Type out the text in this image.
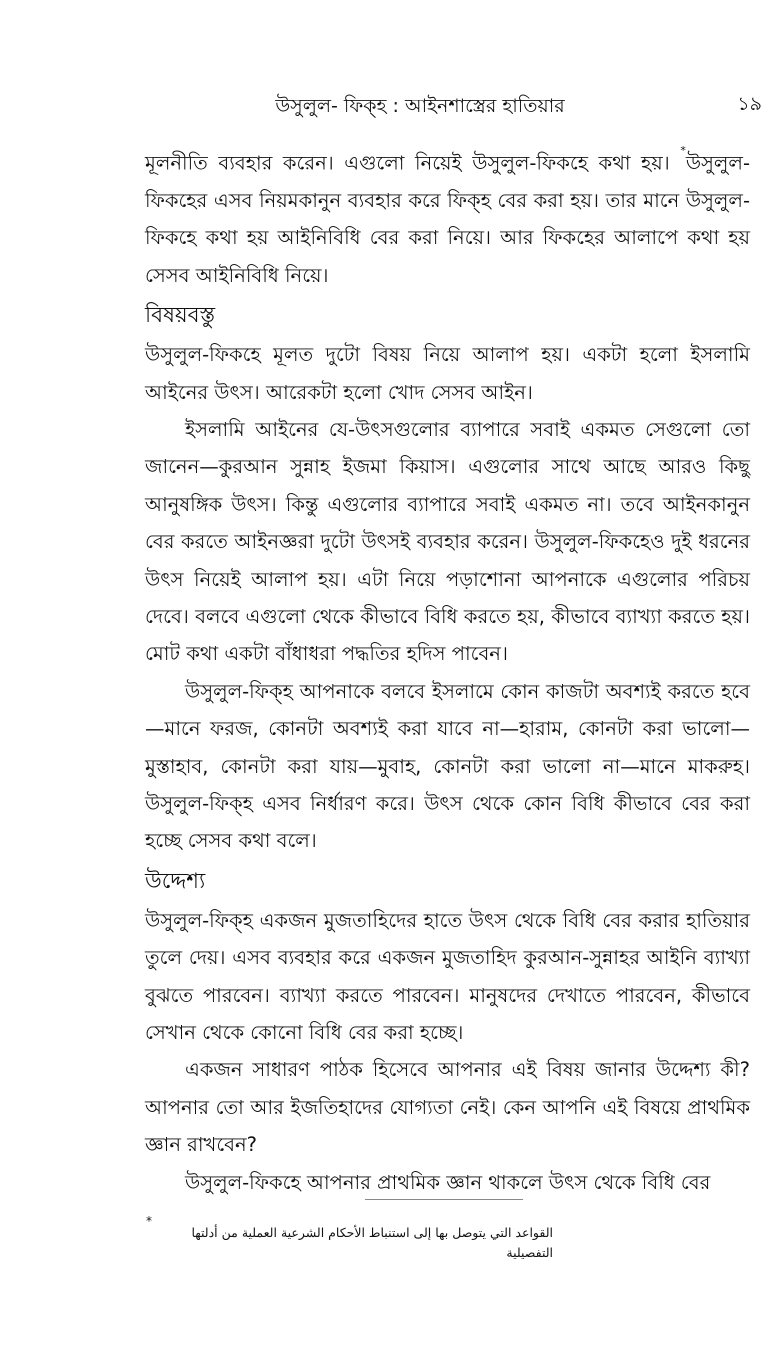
উসুলুল- ফিক্‌হ : আইনশাস্ত্রের হাতিয়ার	১৯

মূলনীতি ব্যবহার করেন। এগুলো নিয়েই উসুলুল-ফিকহে কথা হয়। *উসুলুল-ফিকহের এসব নিয়মকানুন ব্যবহার করে ফিক্‌হ বের করা হয়। তার মানে উসুলুল-ফিকহে কথা হয় আইনিবিধি বের করা নিয়ে। আর ফিকহের আলাপে কথা হয় সেসব আইনিবিধি নিয়ে।

বিষয়বস্তু

উসুলুল-ফিকহে মূলত দুটো বিষয় নিয়ে আলাপ হয়। একটা হলো ইসলামি আইনের উৎস। আরেকটা হলো খোদ সেসব আইন।

ইসলামি আইনের যে-উৎসগুলোর ব্যাপারে সবাই একমত সেগুলো তো জানেন—কুরআন সুন্নাহ ইজমা কিয়াস। এগুলোর সাথে আছে আরও কিছু আনুষঙ্গিক উৎস। কিন্তু এগুলোর ব্যাপারে সবাই একমত না। তবে আইনকানুন বের করতে আইনজ্ঞরা দুটো উৎসই ব্যবহার করেন। উসুলুল-ফিকহেও দুই ধরনের উৎস নিয়েই আলাপ হয়। এটা নিয়ে পড়াশোনা আপনাকে এগুলোর পরিচয় দেবে। বলবে এগুলো থেকে কীভাবে বিধি করতে হয়, কীভাবে ব্যাখ্যা করতে হয়। মোট কথা একটা বাঁধাধরা পদ্ধতির হদিস পাবেন।

উসুলুল-ফিক্‌হ আপনাকে বলবে ইসলামে কোন কাজটা অবশ্যই করতে হবে—মানে ফরজ, কোনটা অবশ্যই করা যাবে না—হারাম, কোনটা করা ভালো—মুস্তাহাব, কোনটা করা যায়—মুবাহ, কোনটা করা ভালো না—মানে মাকরুহ। উসুলুল-ফিক্‌হ এসব নির্ধারণ করে। উৎস থেকে কোন বিধি কীভাবে বের করা হচ্ছে সেসব কথা বলে।

উদ্দেশ্য

উসুলুল-ফিক্‌হ একজন মুজতাহিদের হাতে উৎস থেকে বিধি বের করার হাতিয়ার তুলে দেয়। এসব ব্যবহার করে একজন মুজতাহিদ কুরআন-সুন্নাহর আইনি ব্যাখ্যা বুঝতে পারবেন। ব্যাখ্যা করতে পারবেন। মানুষদের দেখাতে পারবেন, কীভাবে সেখান থেকে কোনো বিধি বের করা হচ্ছে।

একজন সাধারণ পাঠক হিসেবে আপনার এই বিষয় জানার উদ্দেশ্য কী? আপনার তো আর ইজতিহাদের যোগ্যতা নেই। কেন আপনি এই বিষয়ে প্রাথমিক জ্ঞান রাখবেন?

উসুলুল-ফিকহে আপনার প্রাথমিক জ্ঞান থাকলে উৎস থেকে বিধি বের

*
القواعد التي يتوصل بها إلى استنباط الأحكام الشرعية العملية من أدلتها التفصيلية
